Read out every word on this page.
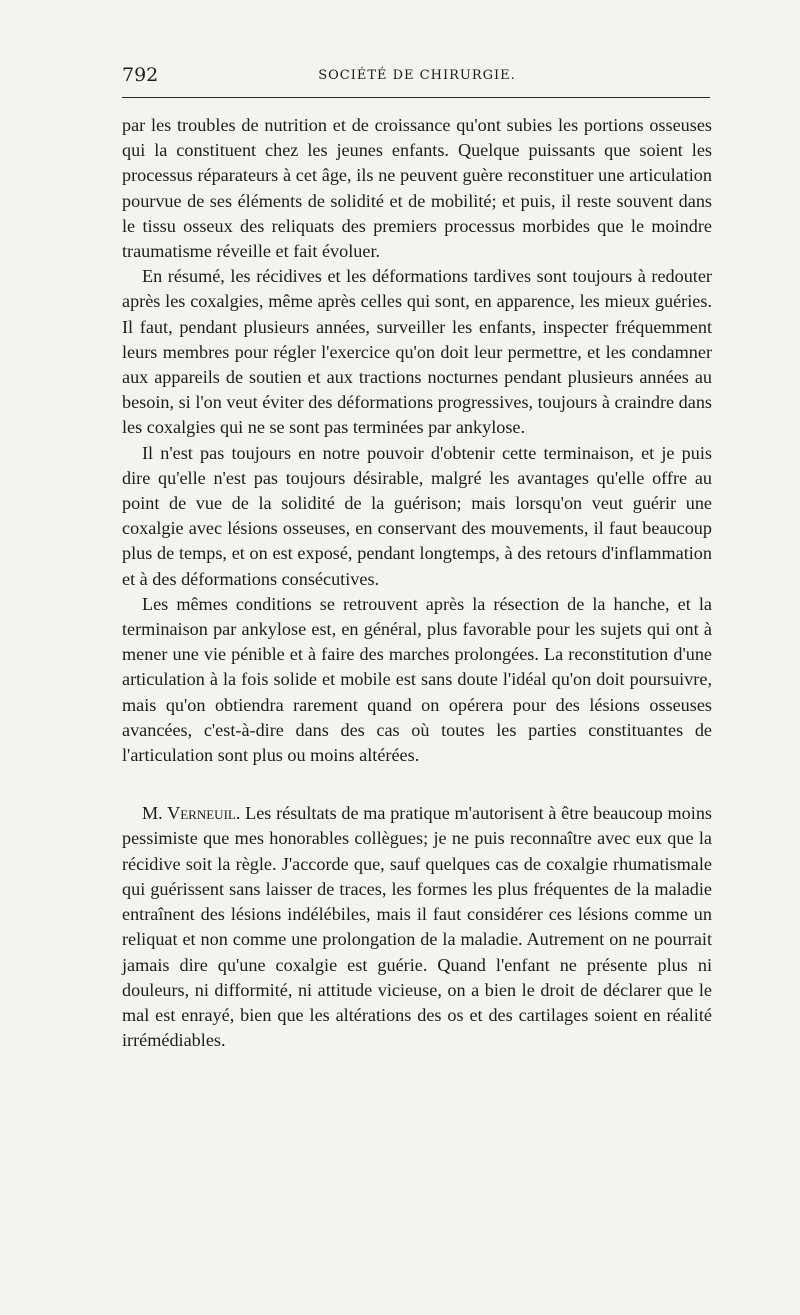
792	SOCIÉTÉ DE CHIRURGIE.

par les troubles de nutrition et de croissance qu'ont subies les portions osseuses qui la constituent chez les jeunes enfants. Quelque puissants que soient les processus réparateurs à cet âge, ils ne peuvent guère reconstituer une articulation pourvue de ses éléments de solidité et de mobilité; et puis, il reste souvent dans le tissu osseux des reliquats des premiers processus morbides que le moindre traumatisme réveille et fait évoluer.

En résumé, les récidives et les déformations tardives sont toujours à redouter après les coxalgies, même après celles qui sont, en apparence, les mieux guéries. Il faut, pendant plusieurs années, surveiller les enfants, inspecter fréquemment leurs membres pour régler l'exercice qu'on doit leur permettre, et les condamner aux appareils de soutien et aux tractions nocturnes pendant plusieurs années au besoin, si l'on veut éviter des déformations progressives, toujours à craindre dans les coxalgies qui ne se sont pas terminées par ankylose.

Il n'est pas toujours en notre pouvoir d'obtenir cette terminaison, et je puis dire qu'elle n'est pas toujours désirable, malgré les avantages qu'elle offre au point de vue de la solidité de la guérison; mais lorsqu'on veut guérir une coxalgie avec lésions osseuses, en conservant des mouvements, il faut beaucoup plus de temps, et on est exposé, pendant longtemps, à des retours d'inflammation et à des déformations consécutives.

Les mêmes conditions se retrouvent après la résection de la hanche, et la terminaison par ankylose est, en général, plus favorable pour les sujets qui ont à mener une vie pénible et à faire des marches prolongées. La reconstitution d'une articulation à la fois solide et mobile est sans doute l'idéal qu'on doit poursuivre, mais qu'on obtiendra rarement quand on opérera pour des lésions osseuses avancées, c'est-à-dire dans des cas où toutes les parties constituantes de l'articulation sont plus ou moins altérées.

M. Verneuil. Les résultats de ma pratique m'autorisent à être beaucoup moins pessimiste que mes honorables collègues; je ne puis reconnaître avec eux que la récidive soit la règle. J'accorde que, sauf quelques cas de coxalgie rhumatismale qui guérissent sans laisser de traces, les formes les plus fréquentes de la maladie entraînent des lésions indélébiles, mais il faut considérer ces lésions comme un reliquat et non comme une prolongation de la maladie. Autrement on ne pourrait jamais dire qu'une coxalgie est guérie. Quand l'enfant ne présente plus ni douleurs, ni difformité, ni attitude vicieuse, on a bien le droit de déclarer que le mal est enrayé, bien que les altérations des os et des cartilages soient en réalité irrémédiables.
